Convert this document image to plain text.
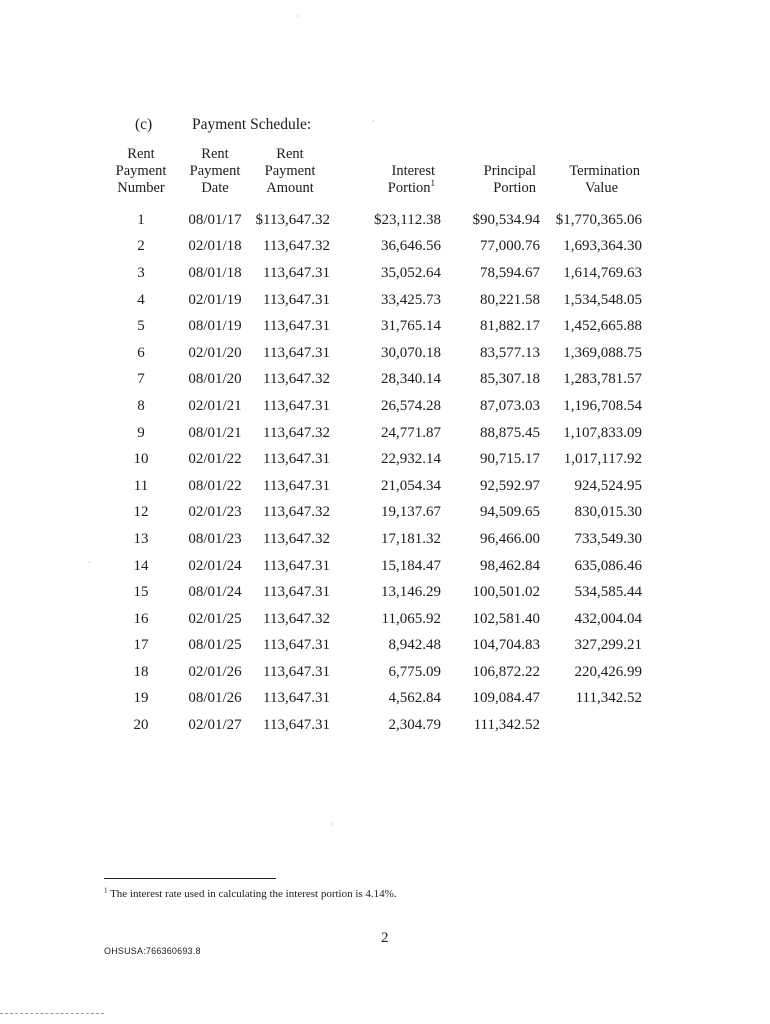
(c)	Payment Schedule:
Rent
Payment
Number	Rent
Payment
Date	Rent
Payment
Amount	Interest
Portion$^1$	Principal
Portion	Termination
Value

1	08/01/17	$113,647.32	$23,112.38	$90,534.94	$1,770,365.06
2	02/01/18	113,647.32	36,646.56	77,000.76	1,693,364.30
3	08/01/18	113,647.31	35,052.64	78,594.67	1,614,769.63
4	02/01/19	113,647.31	33,425.73	80,221.58	1,534,548.05
5	08/01/19	113,647.31	31,765.14	81,882.17	1,452,665.88
6	02/01/20	113,647.31	30,070.18	83,577.13	1,369,088.75
7	08/01/20	113,647.32	28,340.14	85,307.18	1,283,781.57
8	02/01/21	113,647.31	26,574.28	87,073.03	1,196,708.54
9	08/01/21	113,647.32	24,771.87	88,875.45	1,107,833.09
10	02/01/22	113,647.31	22,932.14	90,715.17	1,017,117.92
11	08/01/22	113,647.31	21,054.34	92,592.97	924,524.95
12	02/01/23	113,647.32	19,137.67	94,509.65	830,015.30
13	08/01/23	113,647.32	17,181.32	96,466.00	733,549.30
14	02/01/24	113,647.31	15,184.47	98,462.84	635,086.46
15	08/01/24	113,647.31	13,146.29	100,501.02	534,585.44
16	02/01/25	113,647.32	11,065.92	102,581.40	432,004.04
17	08/01/25	113,647.31	8,942.48	104,704.83	327,299.21
18	02/01/26	113,647.31	6,775.09	106,872.22	220,426.99
19	08/01/26	113,647.31	4,562.84	109,084.47	111,342.52
20	02/01/27	113,647.31	2,304.79	111,342.52	
$^1$ The interest rate used in calculating the interest portion is 4.14%.
2
OHSUSA:766360693.8
·
·
·
·
